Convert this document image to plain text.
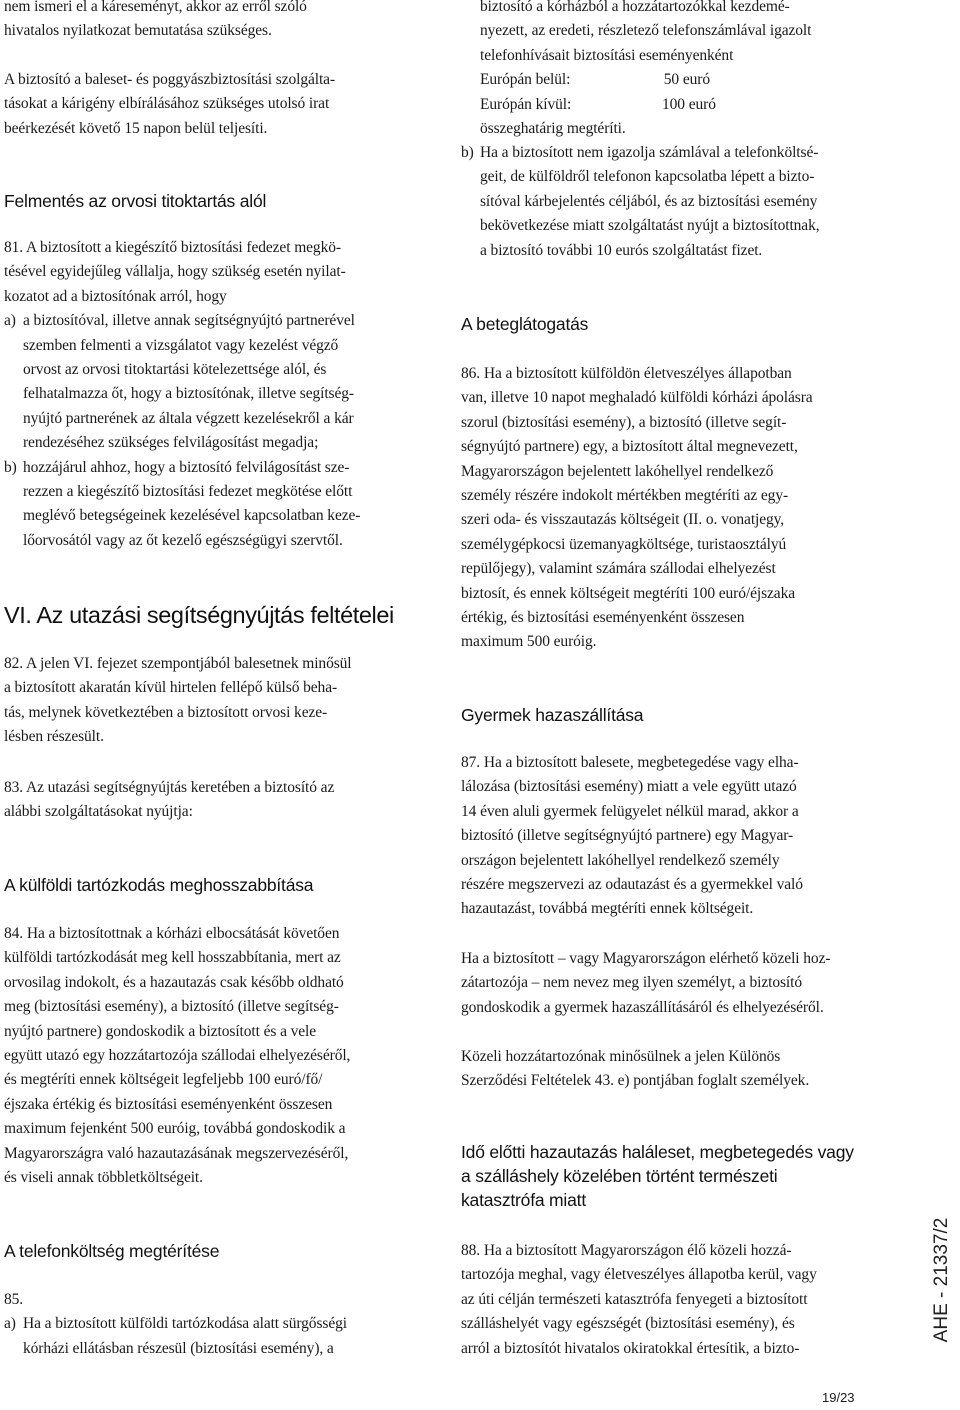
nem ismeri el a káreseményt, akkor az erről szóló

hivatalos nyilatkozat bemutatása szükséges.

A biztosító a baleset- és poggyászbiztosítási szolgálta-

tásokat a kárigény elbírálásához szükséges utolsó irat

beérkezését követő 15 napon belül teljesíti.

Felmentés az orvosi titoktartás alól

81. A biztosított a kiegészítő biztosítási fedezet megkö-

tésével egyidejűleg vállalja, hogy szükség esetén nyilat-

kozatot ad a biztosítónak arról, hogy

a) a biztosítóval, illetve annak segítségnyújtó partnerével

szemben felmenti a vizsgálatot vagy kezelést végző

orvost az orvosi titoktartási kötelezettsége alól, és

felhatalmazza őt, hogy a biztosítónak, illetve segítség-

nyújtó partnerének az általa végzett kezelésekről a kár

rendezéséhez szükséges felvilágosítást megadja;

b) hozzájárul ahhoz, hogy a biztosító felvilágosítást sze-

rezzen a kiegészítő biztosítási fedezet megkötése előtt

meglévő betegségeinek kezelésével kapcsolatban keze-

lőorvosától vagy az őt kezelő egészségügyi szervtől.

VI. Az utazási segítségnyújtás feltételei

82. A jelen VI. fejezet szempontjából balesetnek minősül

a biztosított akaratán kívül hirtelen fellépő külső beha-

tás, melynek következtében a biztosított orvosi keze-

lésben részesült.

83. Az utazási segítségnyújtás keretében a biztosító az

alábbi szolgáltatásokat nyújtja:

A külföldi tartózkodás meghosszabbítása

84. Ha a biztosítottnak a kórházi elbocsátását követően

külföldi tartózkodását meg kell hosszabbítania, mert az

orvosilag indokolt, és a hazautazás csak később oldható

meg (biztosítási esemény), a biztosító (illetve segítség-

nyújtó partnere) gondoskodik a biztosított és a vele

együtt utazó egy hozzátartozója szállodai elhelyezéséről,

és megtéríti ennek költségeit legfeljebb 100 euró/fő/

éjszaka értékig és biztosítási eseményenként összesen

maximum fejenként 500 euróig, továbbá gondoskodik a

Magyarországra való hazautazásának megszervezéséről,

és viseli annak többletköltségeit.

A telefonköltség megtérítése

85.

a) Ha a biztosított külföldi tartózkodása alatt sürgősségi

kórházi ellátásban részesül (biztosítási esemény), a

biztosító a kórházból a hozzátartozókkal kezdemé-

nyezett, az eredeti, részletező telefonszámlával igazolt

telefonhívásait biztosítási eseményenként

Európán belül:	50 euró

Európán kívül:	100 euró

összeghatárig megtéríti.

b) Ha a biztosított nem igazolja számlával a telefonköltsé-

geit, de külföldről telefonon kapcsolatba lépett a bizto-

sítóval kárbejelentés céljából, és az biztosítási esemény

bekövetkezése miatt szolgáltatást nyújt a biztosítottnak,

a biztosító további 10 eurós szolgáltatást fizet.

A beteglátogatás

86. Ha a biztosított külföldön életveszélyes állapotban

van, illetve 10 napot meghaladó külföldi kórházi ápolásra

szorul (biztosítási esemény), a biztosító (illetve segít-

ségnyújtó partnere) egy, a biztosított által megnevezett,

Magyarországon bejelentett lakóhellyel rendelkező

személy részére indokolt mértékben megtéríti az egy-

szeri oda- és visszautazás költségeit (II. o. vonatjegy,

személygépkocsi üzemanyagköltsége, turistaosztályú

repülőjegy), valamint számára szállodai elhelyezést

biztosít, és ennek költségeit megtéríti 100 euró/éjszaka

értékig, és biztosítási eseményenként összesen

maximum 500 euróig.

Gyermek hazaszállítása

87. Ha a biztosított balesete, megbetegedése vagy elha-

lálozása (biztosítási esemény) miatt a vele együtt utazó

14 éven aluli gyermek felügyelet nélkül marad, akkor a

biztosító (illetve segítségnyújtó partnere) egy Magyar-

országon bejelentett lakóhellyel rendelkező személy

részére megszervezi az odautazást és a gyermekkel való

hazautazást, továbbá megtéríti ennek költségeit.

Ha a biztosított – vagy Magyarországon elérhető közeli hoz-

zátartozója – nem nevez meg ilyen személyt, a biztosító

gondoskodik a gyermek hazaszállításáról és elhelyezéséről.

Közeli hozzátartozónak minősülnek a jelen Különös

Szerződési Feltételek 43. e) pontjában foglalt személyek.

Idő előtti hazautazás haláleset, megbetegedés vagy
a szálláshely közelében történt természeti
katasztrófa miatt

88. Ha a biztosított Magyarországon élő közeli hozzá-

tartozója meghal, vagy életveszélyes állapotba kerül, vagy

az úti célján természeti katasztrófa fenyegeti a biztosított

szálláshelyét vagy egészségét (biztosítási esemény), és

arról a biztosítót hivatalos okiratokkal értesítik, a bizto-

AHE - 21337/2
19/23
